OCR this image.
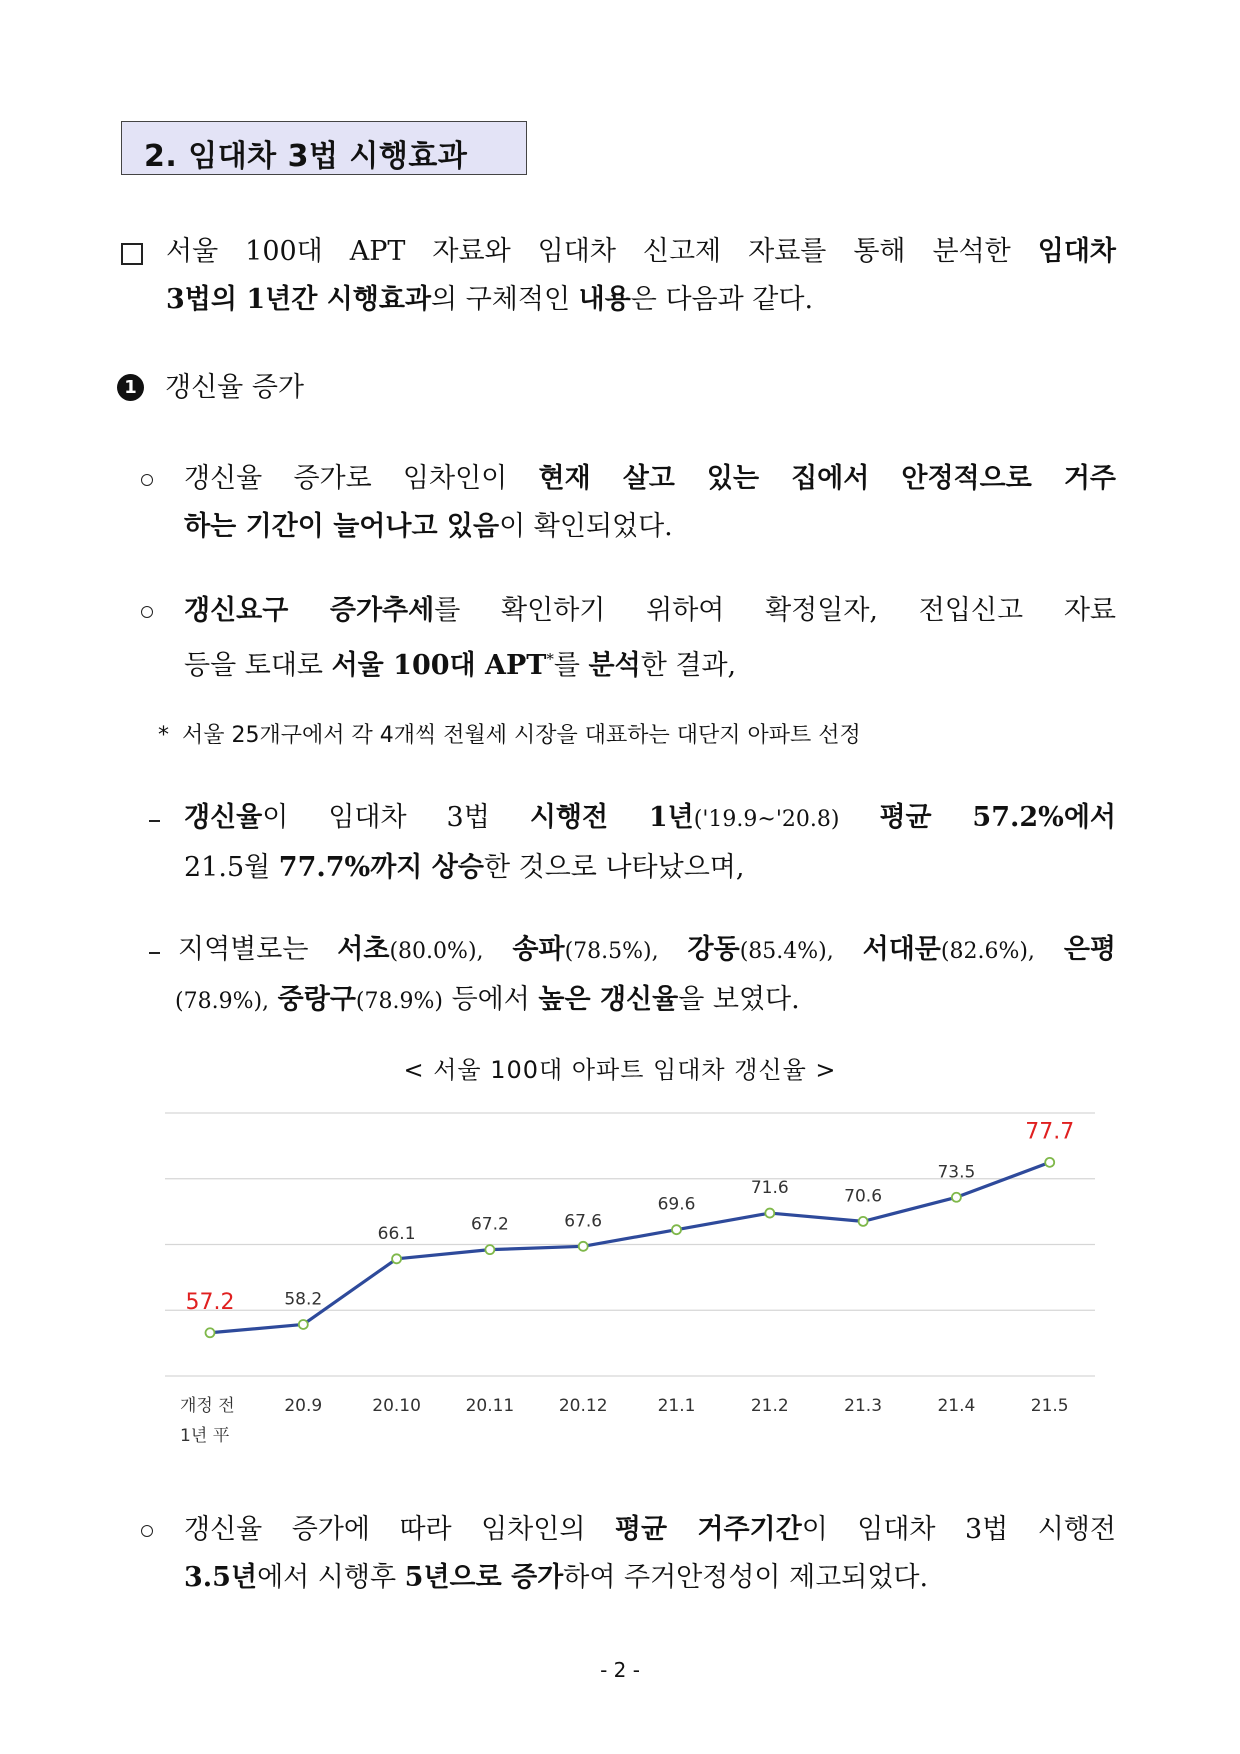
2. 임대차 3법 시행효과
서울 100대 APT 자료와 임대차 신고제 자료를 통해 분석한 임대차
3법의 1년간 시행효과의 구체적인 내용은 다음과 같다.
1 갱신율 증가
갱신율 증가로 임차인이 현재 살고 있는 집에서 안정적으로 거주
하는 기간이 늘어나고 있음이 확인되었다.
갱신요구 증가추세를 확인하기 위하여 확정일자, 전입신고 자료
등을 토대로 서울 100대 APT*를 분석한 결과,
* 서울 25개구에서 각 4개씩 전월세 시장을 대표하는 대단지 아파트 선정
갱신율이 임대차 3법 시행전 1년('19.9~'20.8) 평균 57.2%에서
21.5월 77.7%까지 상승한 것으로 나타났으며,
지역별로는 서초(80.0%), 송파(78.5%), 강동(85.4%), 서대문(82.6%), 은평
(78.9%), 중랑구(78.9%) 등에서 높은 갱신율을 보였다.
< 서울 100대 아파트 임대차 갱신율 >
57.2	58.2
66.1	67.2	67.6
69.6
71.6	70.6
73.5
77.7
개정 전
1년 平
20.9	20.10	20.11	20.12	21.1	21.2	21.3	21.4	21.5
갱신율 증가에 따라 임차인의 평균 거주기간이 임대차 3법 시행전
3.5년에서 시행후 5년으로 증가하여 주거안정성이 제고되었다.
- 2 -
